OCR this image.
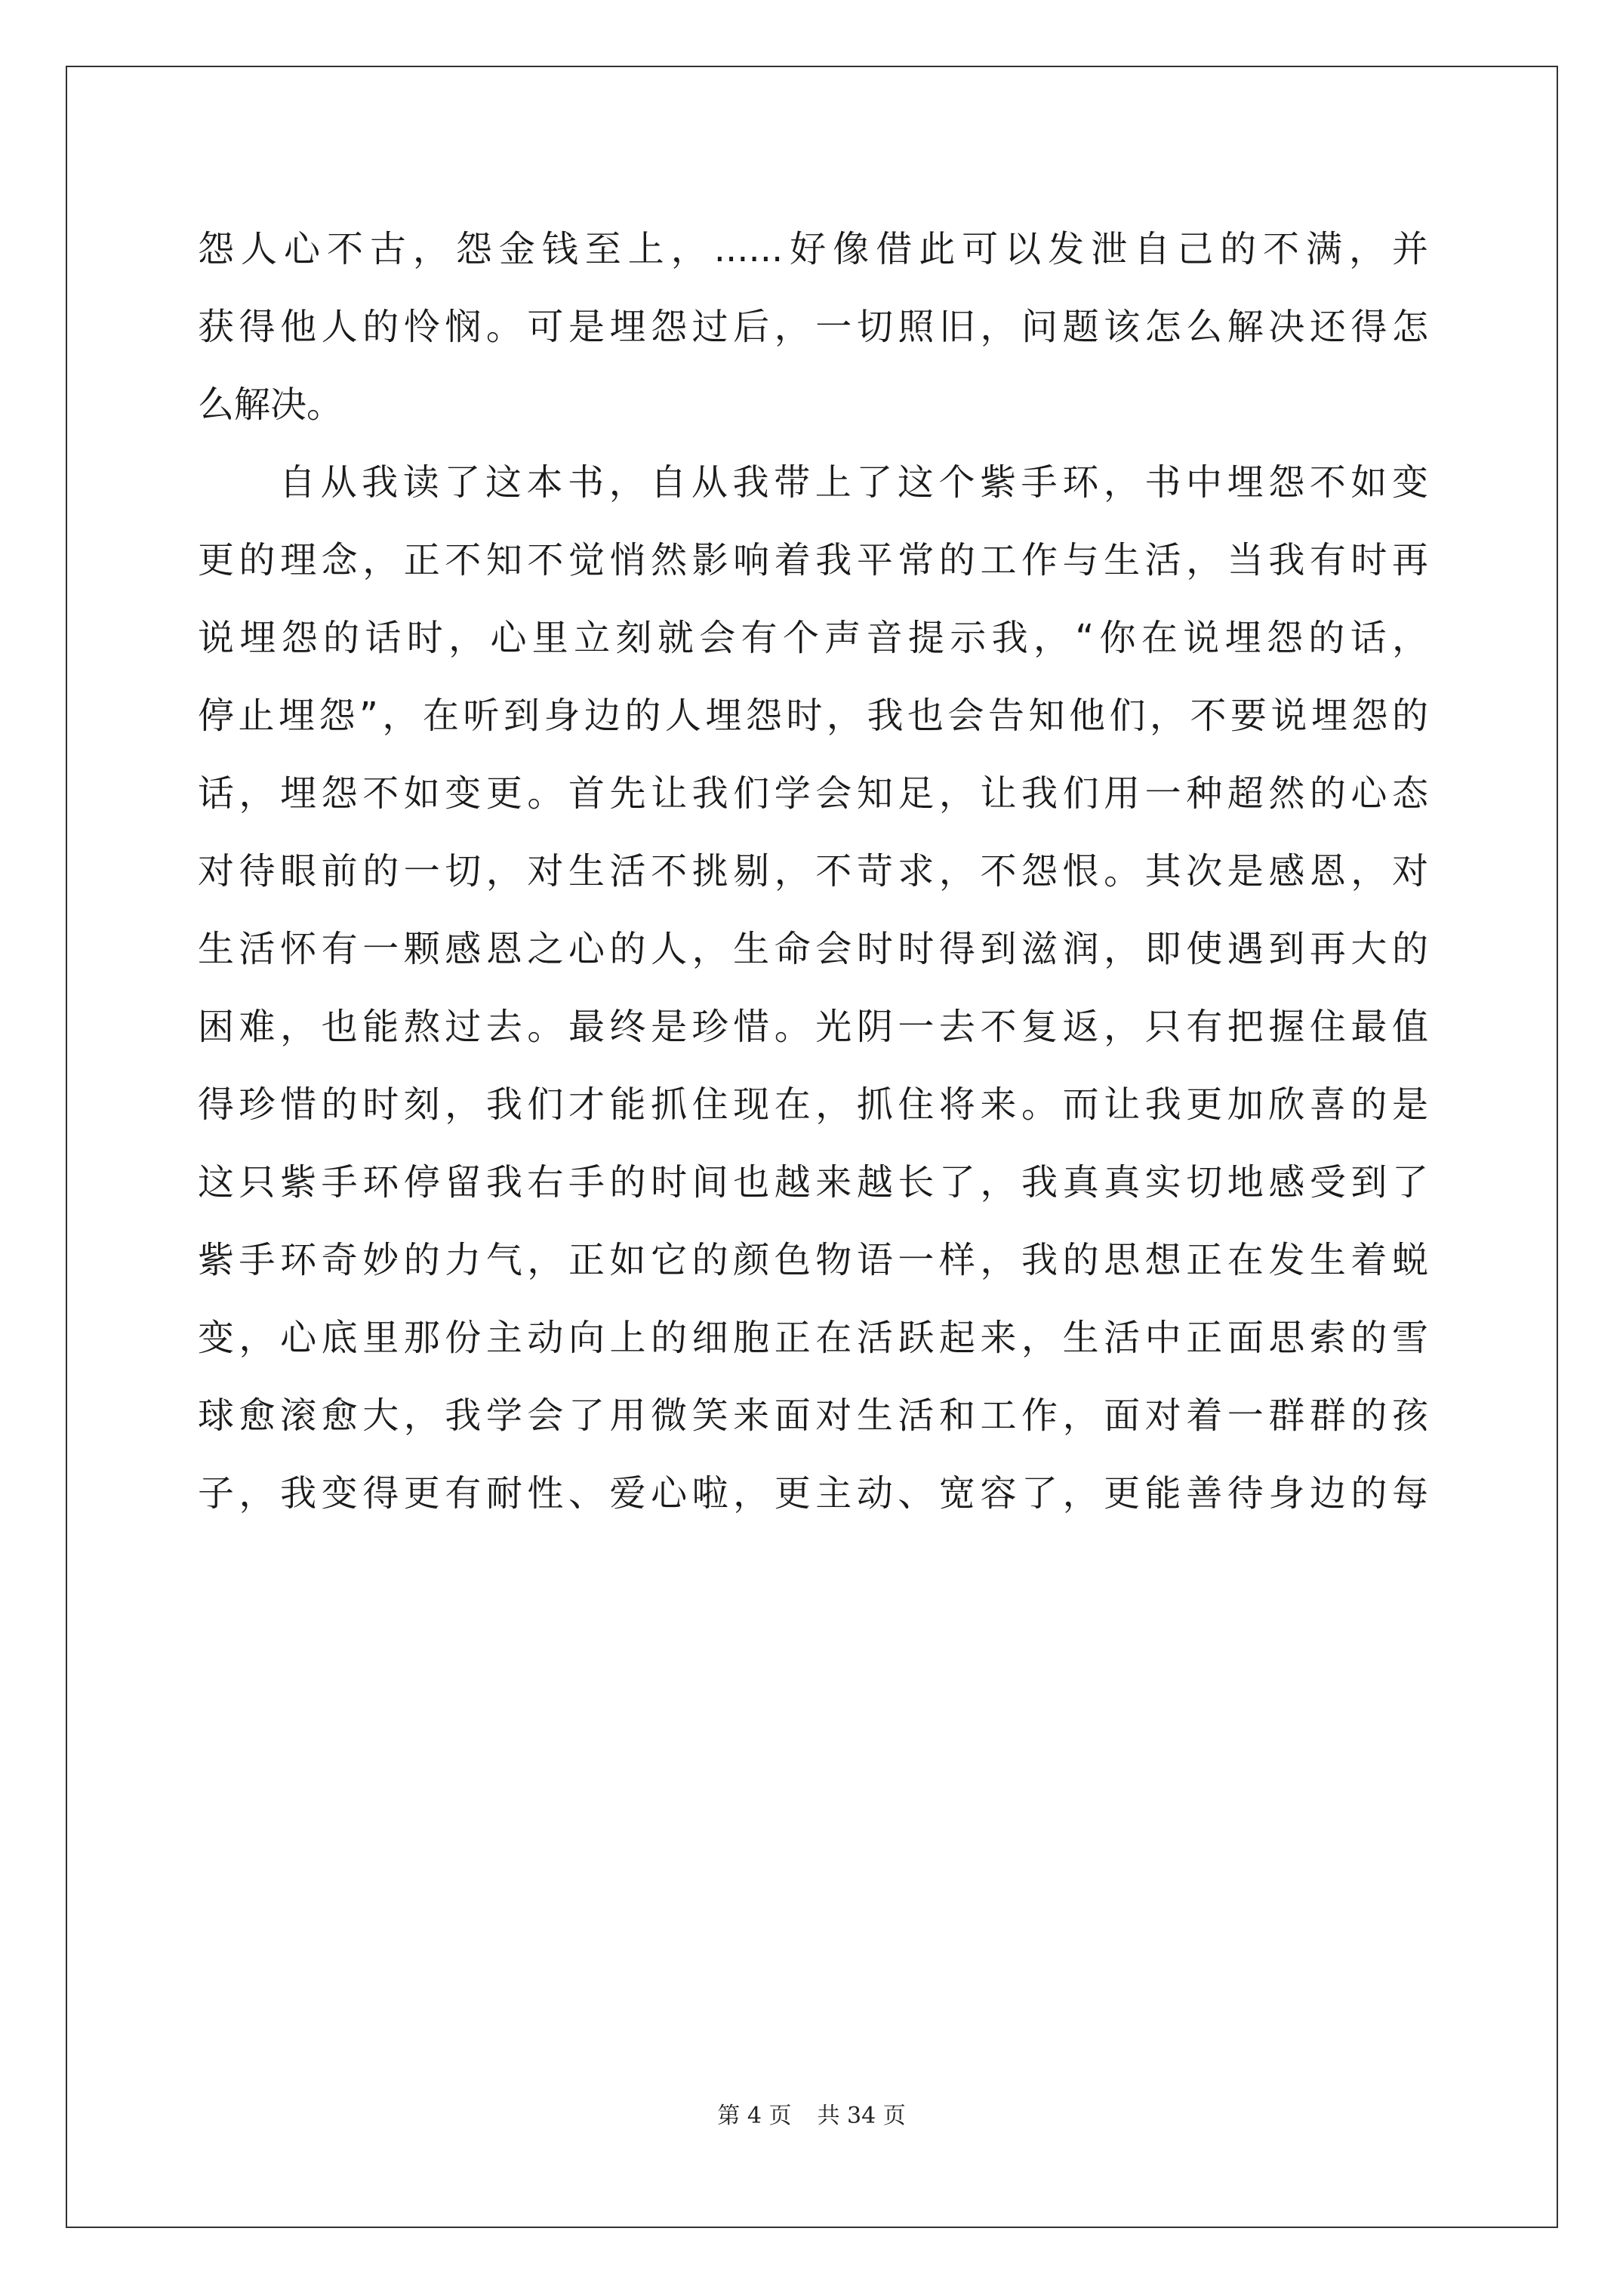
怨人心不古，怨金钱至上，......好像借此可以发泄自己的不满，并
获得他人的怜悯。可是埋怨过后，一切照旧，问题该怎么解决还得怎
么解决。
自从我读了这本书，自从我带上了这个紫手环，书中埋怨不如变
更的理念，正不知不觉悄然影响着我平常的工作与生活，当我有时再
说埋怨的话时，心里立刻就会有个声音提示我，“你在说埋怨的话，
停止埋怨”，在听到身边的人埋怨时，我也会告知他们，不要说埋怨的
话，埋怨不如变更。首先让我们学会知足，让我们用一种超然的心态
对待眼前的一切，对生活不挑剔，不苛求，不怨恨。其次是感恩，对
生活怀有一颗感恩之心的人，生命会时时得到滋润，即使遇到再大的
困难，也能熬过去。最终是珍惜。光阴一去不复返，只有把握住最值
得珍惜的时刻，我们才能抓住现在，抓住将来。而让我更加欣喜的是
这只紫手环停留我右手的时间也越来越长了，我真真实切地感受到了
紫手环奇妙的力气，正如它的颜色物语一样，我的思想正在发生着蜕
变，心底里那份主动向上的细胞正在活跃起来，生活中正面思索的雪
球愈滚愈大，我学会了用微笑来面对生活和工作，面对着一群群的孩
子，我变得更有耐性、爱心啦，更主动、宽容了，更能善待身边的每
第 4 页 共 34 页
